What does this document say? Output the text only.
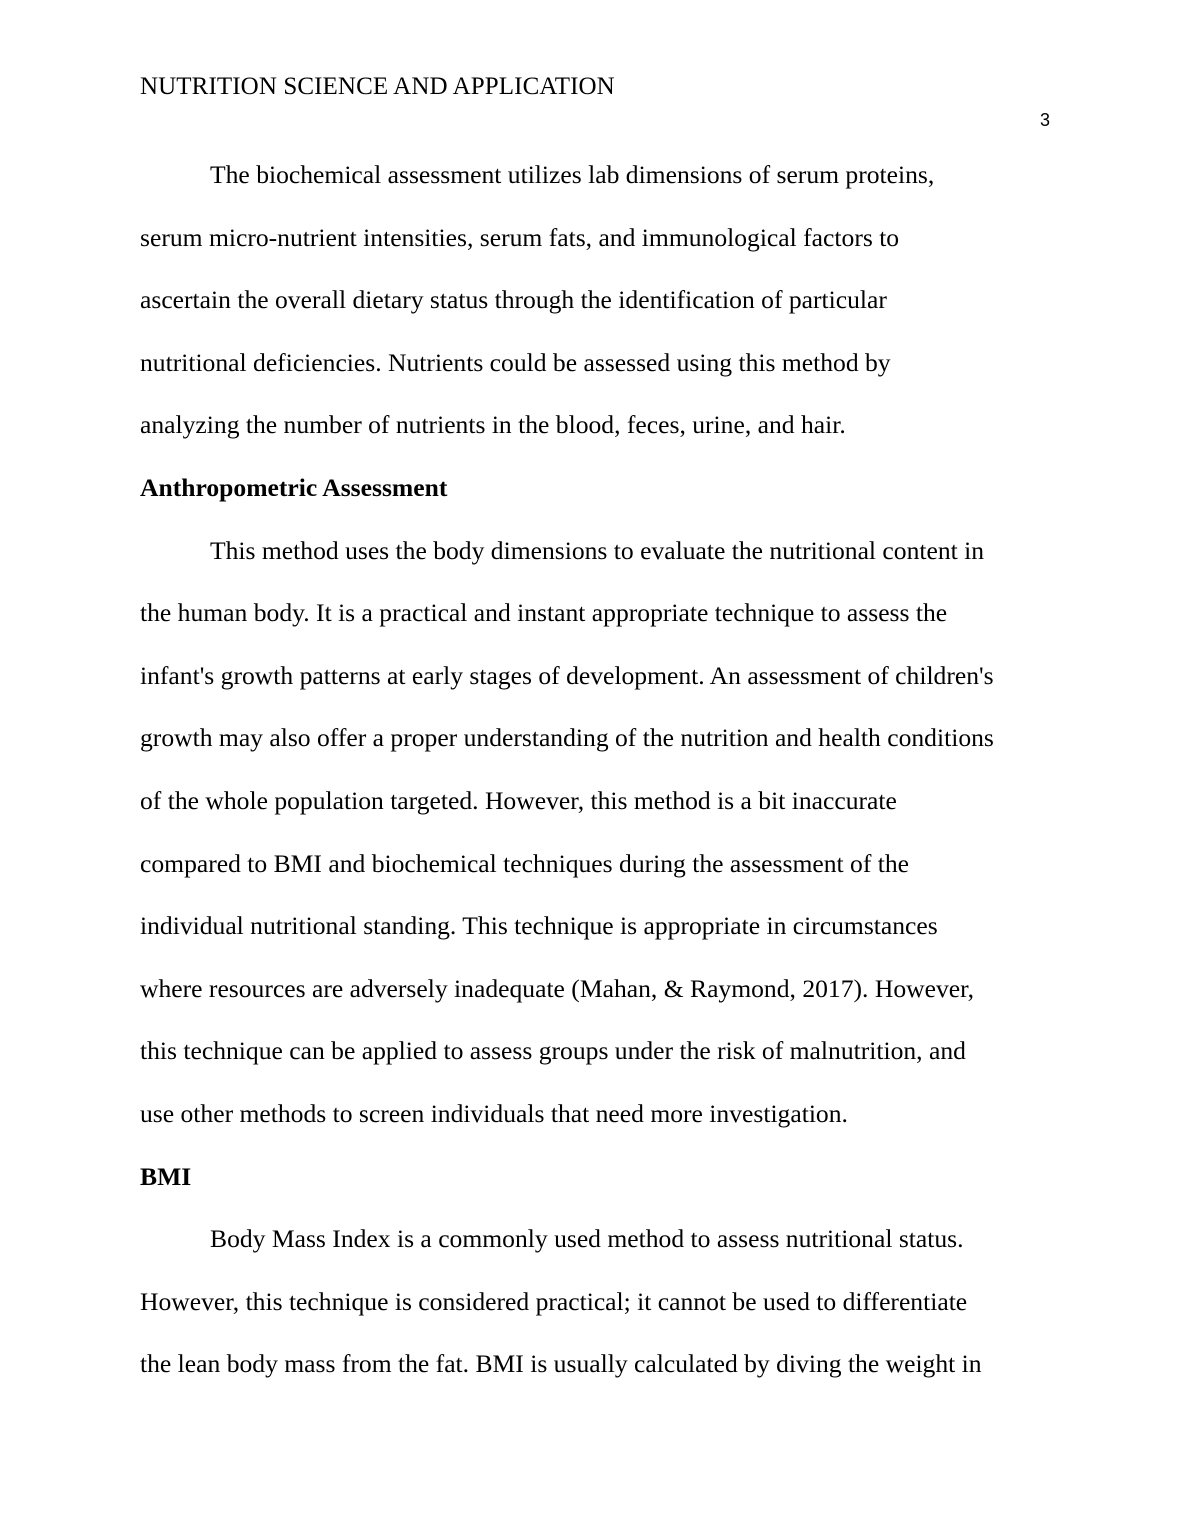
NUTRITION SCIENCE AND APPLICATION
3
The biochemical assessment utilizes lab dimensions of serum proteins,
serum micro-nutrient intensities, serum fats, and immunological factors to
ascertain the overall dietary status through the identification of particular
nutritional deficiencies. Nutrients could be assessed using this method by
analyzing the number of nutrients in the blood, feces, urine, and hair.
Anthropometric Assessment
This method uses the body dimensions to evaluate the nutritional content in
the human body. It is a practical and instant appropriate technique to assess the
infant's growth patterns at early stages of development. An assessment of children's
growth may also offer a proper understanding of the nutrition and health conditions
of the whole population targeted. However, this method is a bit inaccurate
compared to BMI and biochemical techniques during the assessment of the
individual nutritional standing. This technique is appropriate in circumstances
where resources are adversely inadequate (Mahan, & Raymond, 2017). However,
this technique can be applied to assess groups under the risk of malnutrition, and
use other methods to screen individuals that need more investigation.
BMI
Body Mass Index is a commonly used method to assess nutritional status.
However, this technique is considered practical; it cannot be used to differentiate
the lean body mass from the fat. BMI is usually calculated by diving the weight in
